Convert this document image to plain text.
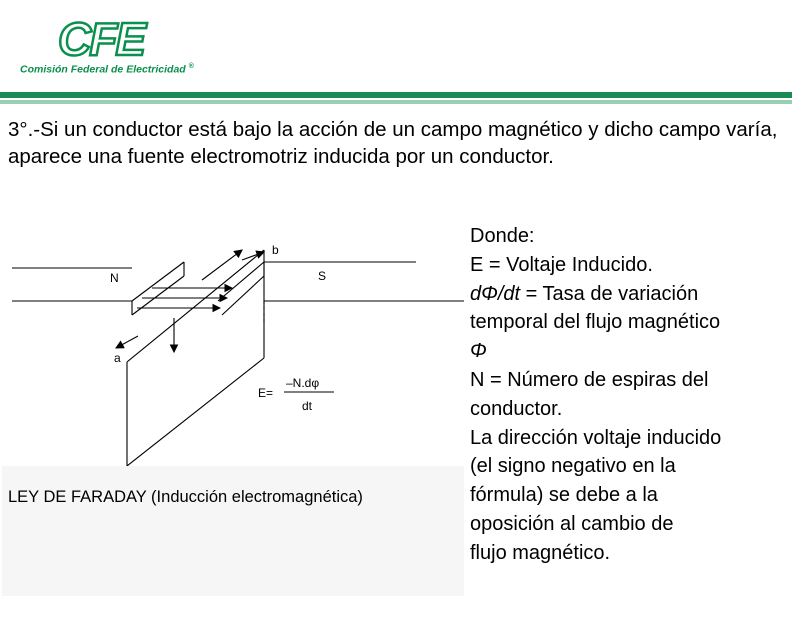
CFE
Comisión Federal de Electricidad ®
3°.-Si un conductor está bajo la acción de un campo magnético y dicho campo varía, aparece una fuente electromotriz inducida por un conductor.
b
N	S
a
E=
–N.dφ
dt
LEY DE FARADAY (Inducción electromagnética)
Donde:
E = Voltaje Inducido.
dΦ/dt = Tasa de variación
temporal del flujo magnético
Φ
N = Número de espiras del
conductor.
La dirección voltaje inducido
(el signo negativo en la
fórmula) se debe a la
oposición al cambio de
flujo magnético.
